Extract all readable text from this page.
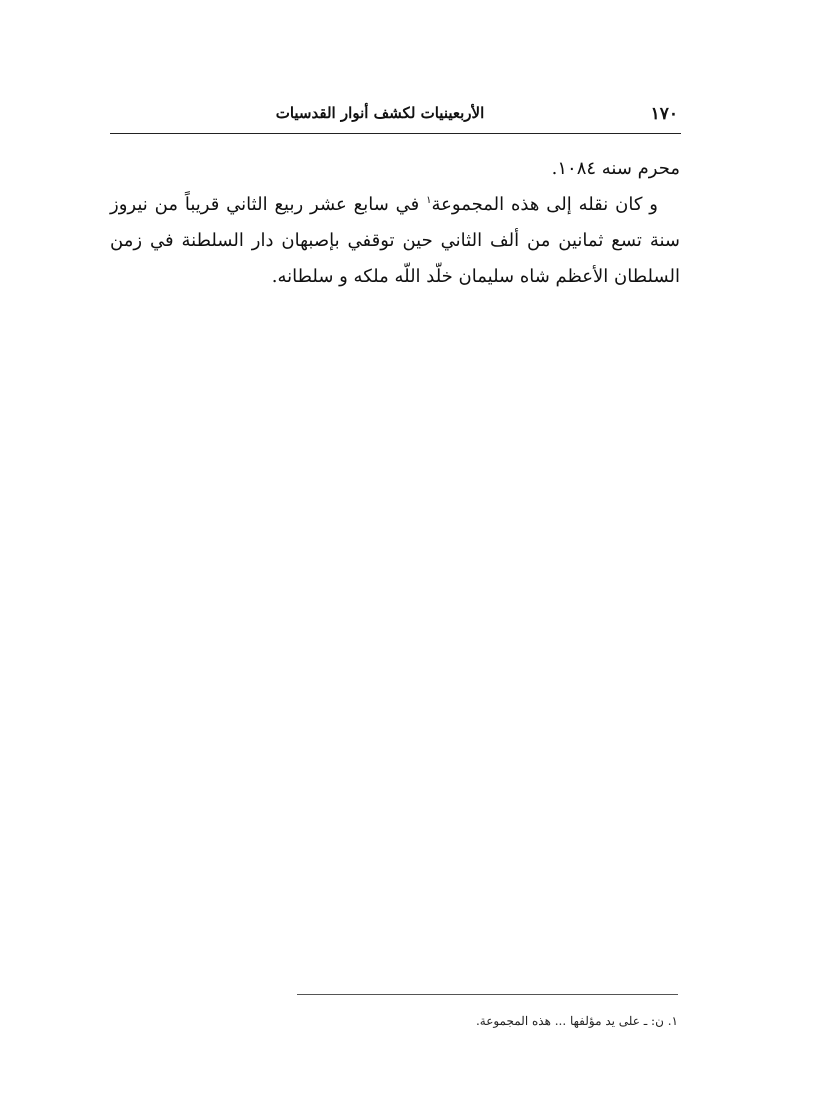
١٧٠
الأربعينيات لكشف أنوار القدسيات

محرم سنه ١٠٨٤.

و كان نقله إلى هذه المجموعة$^١$ في سابع عشر ربيع الثاني قريباً من نيروز سنة تسع ثمانين من ألف الثاني حين توقفي بإصبهان دار السلطنة في زمن السلطان الأعظم شاه سليمان خلّد اللّه ملكه و سلطانه.

١. ن: ـ على يد مؤلفها ... هذه المجموعة.
